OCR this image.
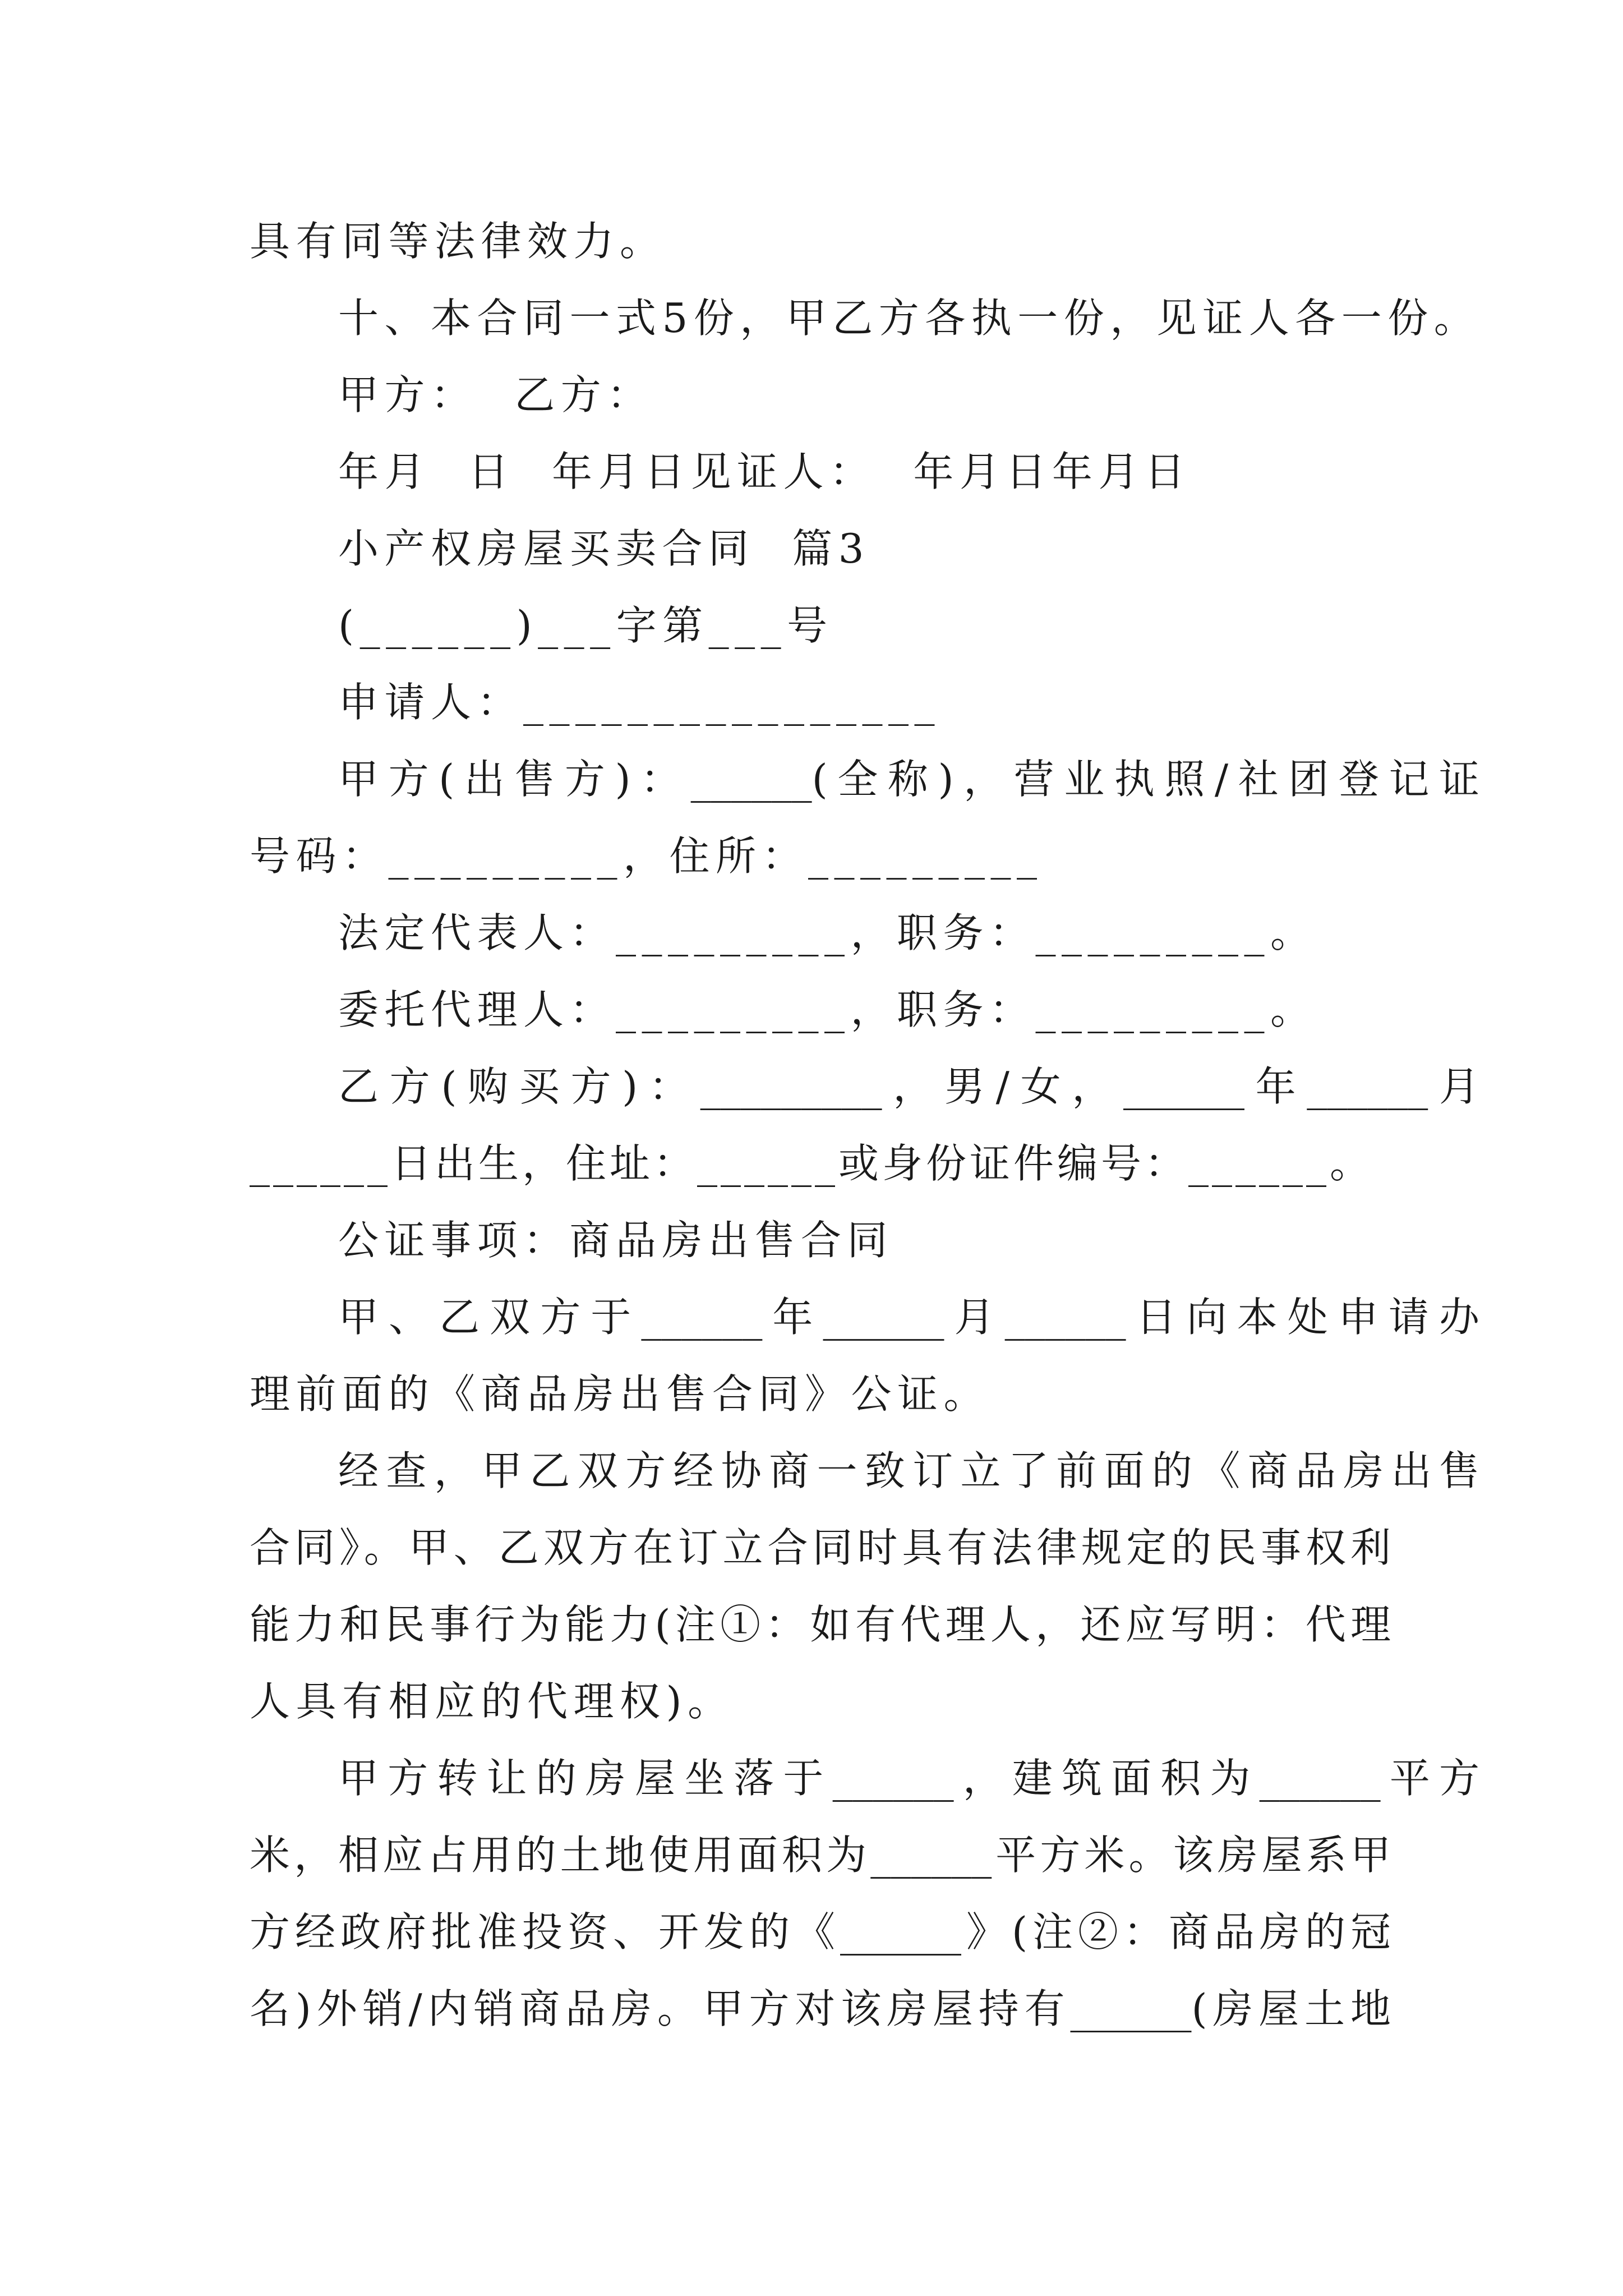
具有同等法律效力。
十、本合同一式5份，甲乙方各执一份，见证人各一份。
甲方：  乙方：
年月  日  年月日见证人：  年月日年月日
小产权房屋买卖合同  篇3
(______)___字第___号
申请人：________________
甲方(出售方)：______(全称)，营业执照/社团登记证
号码：_________，住所：_________
法定代表人：_________，职务：_________。
委托代理人：_________，职务：_________。
乙方(购买方)：_________，男/女，______年______月
______日出生，住址：______或身份证件编号：______。
公证事项：商品房出售合同
甲、乙双方于______年______月______日向本处申请办
理前面的《商品房出售合同》公证。
经查，甲乙双方经协商一致订立了前面的《商品房出售
合同》。甲、乙双方在订立合同时具有法律规定的民事权利
能力和民事行为能力(注①：如有代理人，还应写明：代理
人具有相应的代理权)。
甲方转让的房屋坐落于______，建筑面积为______平方
米，相应占用的土地使用面积为______平方米。该房屋系甲
方经政府批准投资、开发的《______》(注②：商品房的冠
名)外销/内销商品房。甲方对该房屋持有______(房屋土地
